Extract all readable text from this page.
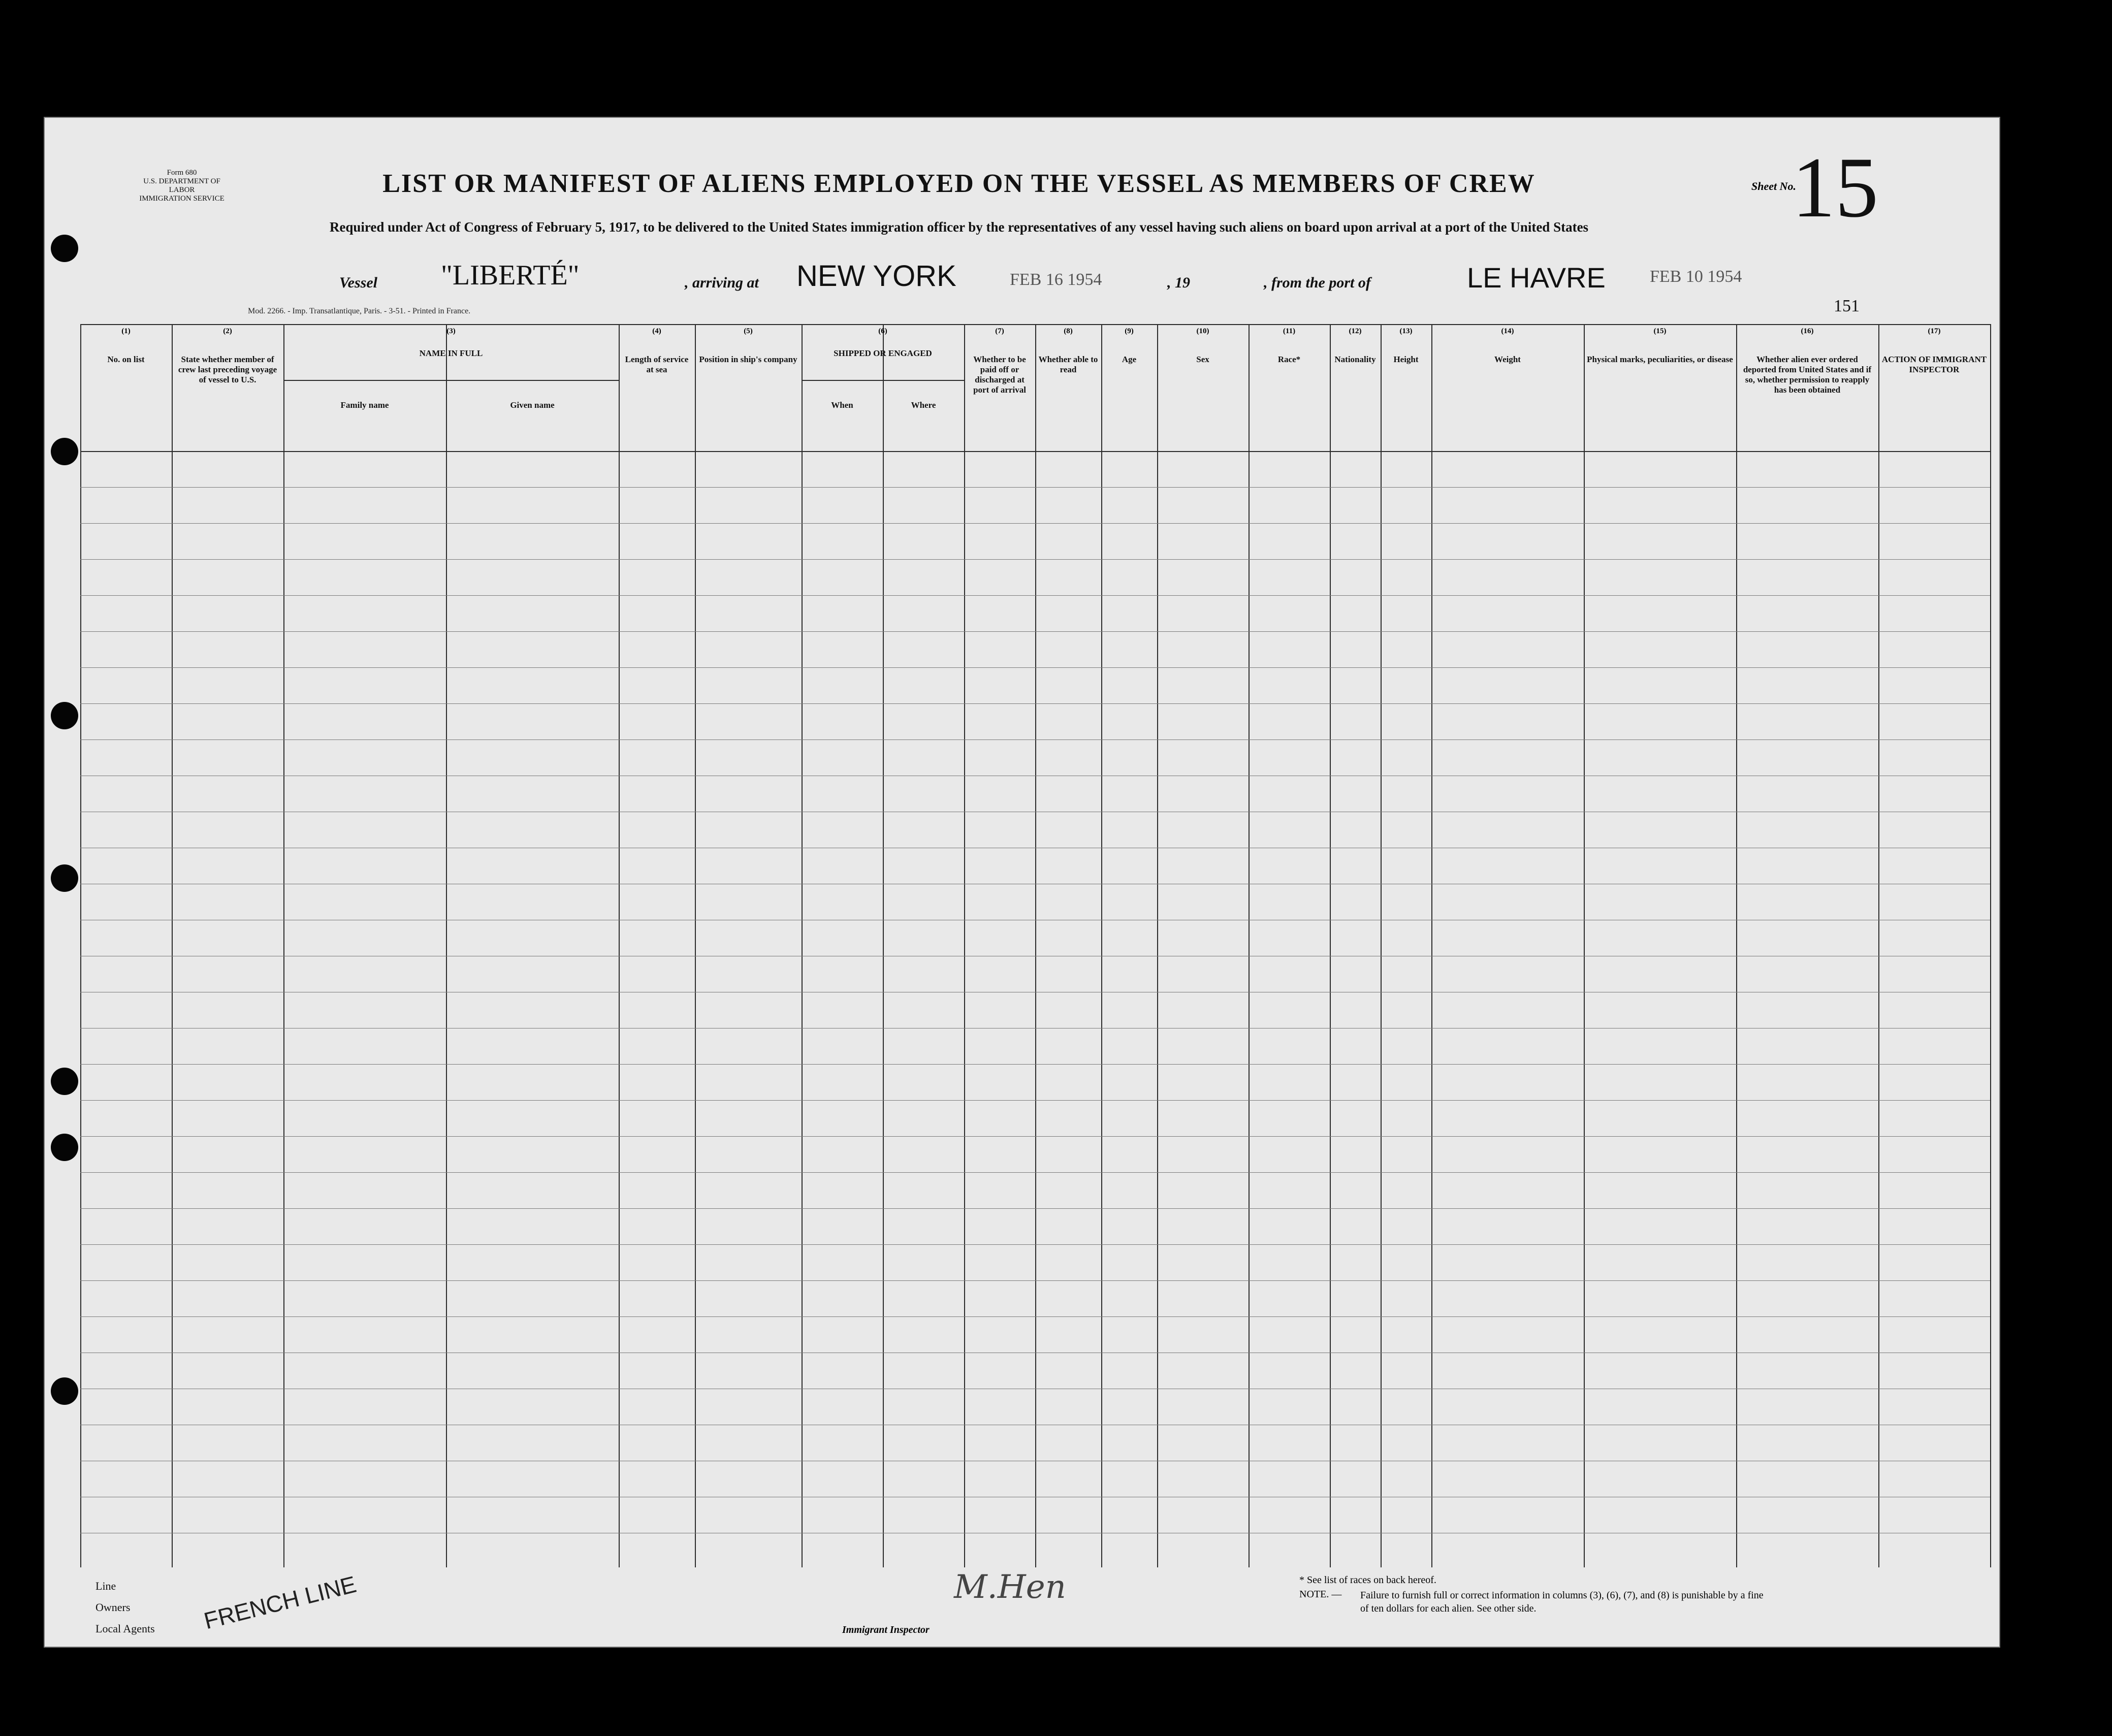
Form 680
U.S. DEPARTMENT OF LABOR
IMMIGRATION SERVICE
LIST OR MANIFEST OF ALIENS EMPLOYED ON THE VESSEL AS MEMBERS OF CREW	Sheet No.
15
Required under Act of Congress of February 5, 1917, to be delivered to the United States immigration officer by the representatives of any vessel having such aliens on board upon arrival at a port of the United States
Vessel "LIBERTÉ"	, arriving at NEW YORK	FEB 16 1954	, 19	, from the port of	LE HAVRE	FEB 10 1954
Mod. 2266. - Imp. Transatlantique, Paris. - 3-51. - Printed in France.	151
(1)
No. on list
(2)
State whether member of crew last preceding voyage of vessel to U.S.
(3)
NAME IN FULL
Family name	Given name
(4)
Length of service at sea
(5)
Position in ship's company
(6)
SHIPPED OR ENGAGED
When	Where
(7)
Whether to be paid off or discharged at port of arrival
(8)
Whether able to read
(9)
Age
(10)
Sex
(11)
Race*
(12)
Nationality
(13)
Height
(14)
Weight
(15)
Physical marks, peculiarities, or disease
(16)
Whether alien ever ordered deported from United States and if so, whether permission to reapply has been obtained
(17)
ACTION OF IMMIGRANT INSPECTOR
Line
Owners
Local Agents FRENCH LINE	M.Hen
Immigrant Inspector
* See list of races on back hereof.
NOTE. — Failure to furnish full or correct information in columns (3), (6), (7), and (8) is punishable by a fine of ten dollars for each alien. See other side.
